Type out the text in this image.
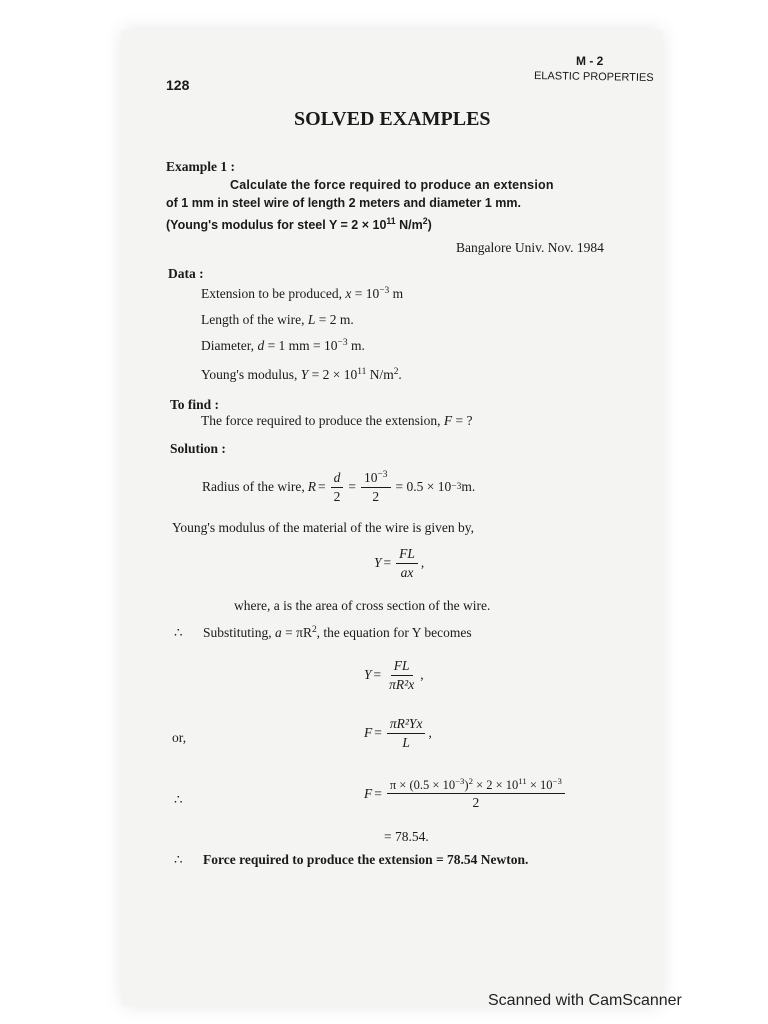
128
M - 2
ELASTIC PROPERTIES
SOLVED EXAMPLES
Example 1 :
Calculate the force required to produce an extension
of 1 mm in steel wire of length 2 meters and diameter 1 mm.
(Young's modulus for steel $Y = 2 \times 10^{11}$ $N/m^2$)
Bangalore Univ. Nov. 1984
Data :
Extension to be produced, $x = 10^{-3}$ m
Length of the wire, L = 2 m.
Diameter, d = 1 mm = $10^{-3}$ m.
Young's modulus, $Y = 2 \times 10^{11}$ $N/m^2$.
To find :
The force required to produce the extension, F = ?
Solution :
Radius of the wire, $R = \frac{d}{2} = \frac{10^{-3}}{2} = 0.5 \times 10 -3$ m.
Young's modulus of the material of the wire is given by,
$Y = \frac{FL}{ax}$ ,
where, a is the area of cross section of the wire.
∴ Substituting, $a = \pi R^2$, the equation for Y becomes
$Y = \frac{FL}{\text{πR²x}}$ ,
or,	$F = \frac{\text{πR²Yx}}{L}$ ,
∴	$F = \frac{\pi \times (0.5 \times 10^{-3})^2 \times 2 \times 10^{11} \times 10^{-3}}{2}$
= 78.54.
∴ Force required to produce the extension = 78.54 Newton.
Scanned with CamScanner
